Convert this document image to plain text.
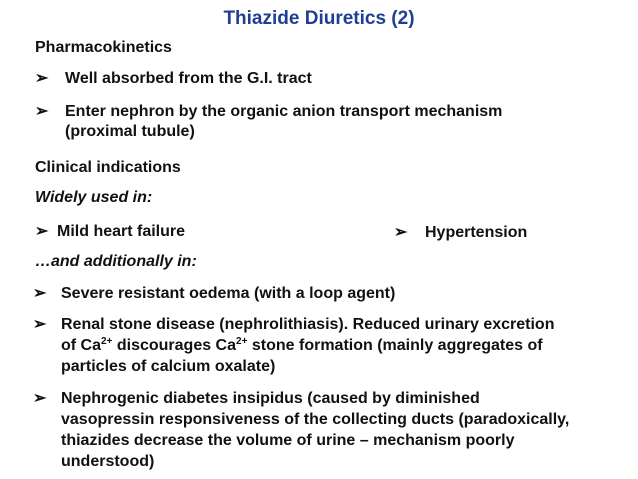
Thiazide Diuretics (2)
Pharmacokinetics
➢ Well absorbed from the G.I. tract
➢ Enter nephron by the organic anion transport mechanism
(proximal tubule)
Clinical indications
Widely used in:
➢ Mild heart failure	➢ Hypertension
…and additionally in:
➢ Severe resistant oedema (with a loop agent)
➢ Renal stone disease (nephrolithiasis). Reduced urinary excretion
of $Ca^{2+}$ discourages $Ca^{2+}$ stone formation (mainly aggregates of
particles of calcium oxalate)
➢ Nephrogenic diabetes insipidus (caused by diminished
vasopressin responsiveness of the collecting ducts (paradoxically,
thiazides decrease the volume of urine – mechanism poorly
understood)
